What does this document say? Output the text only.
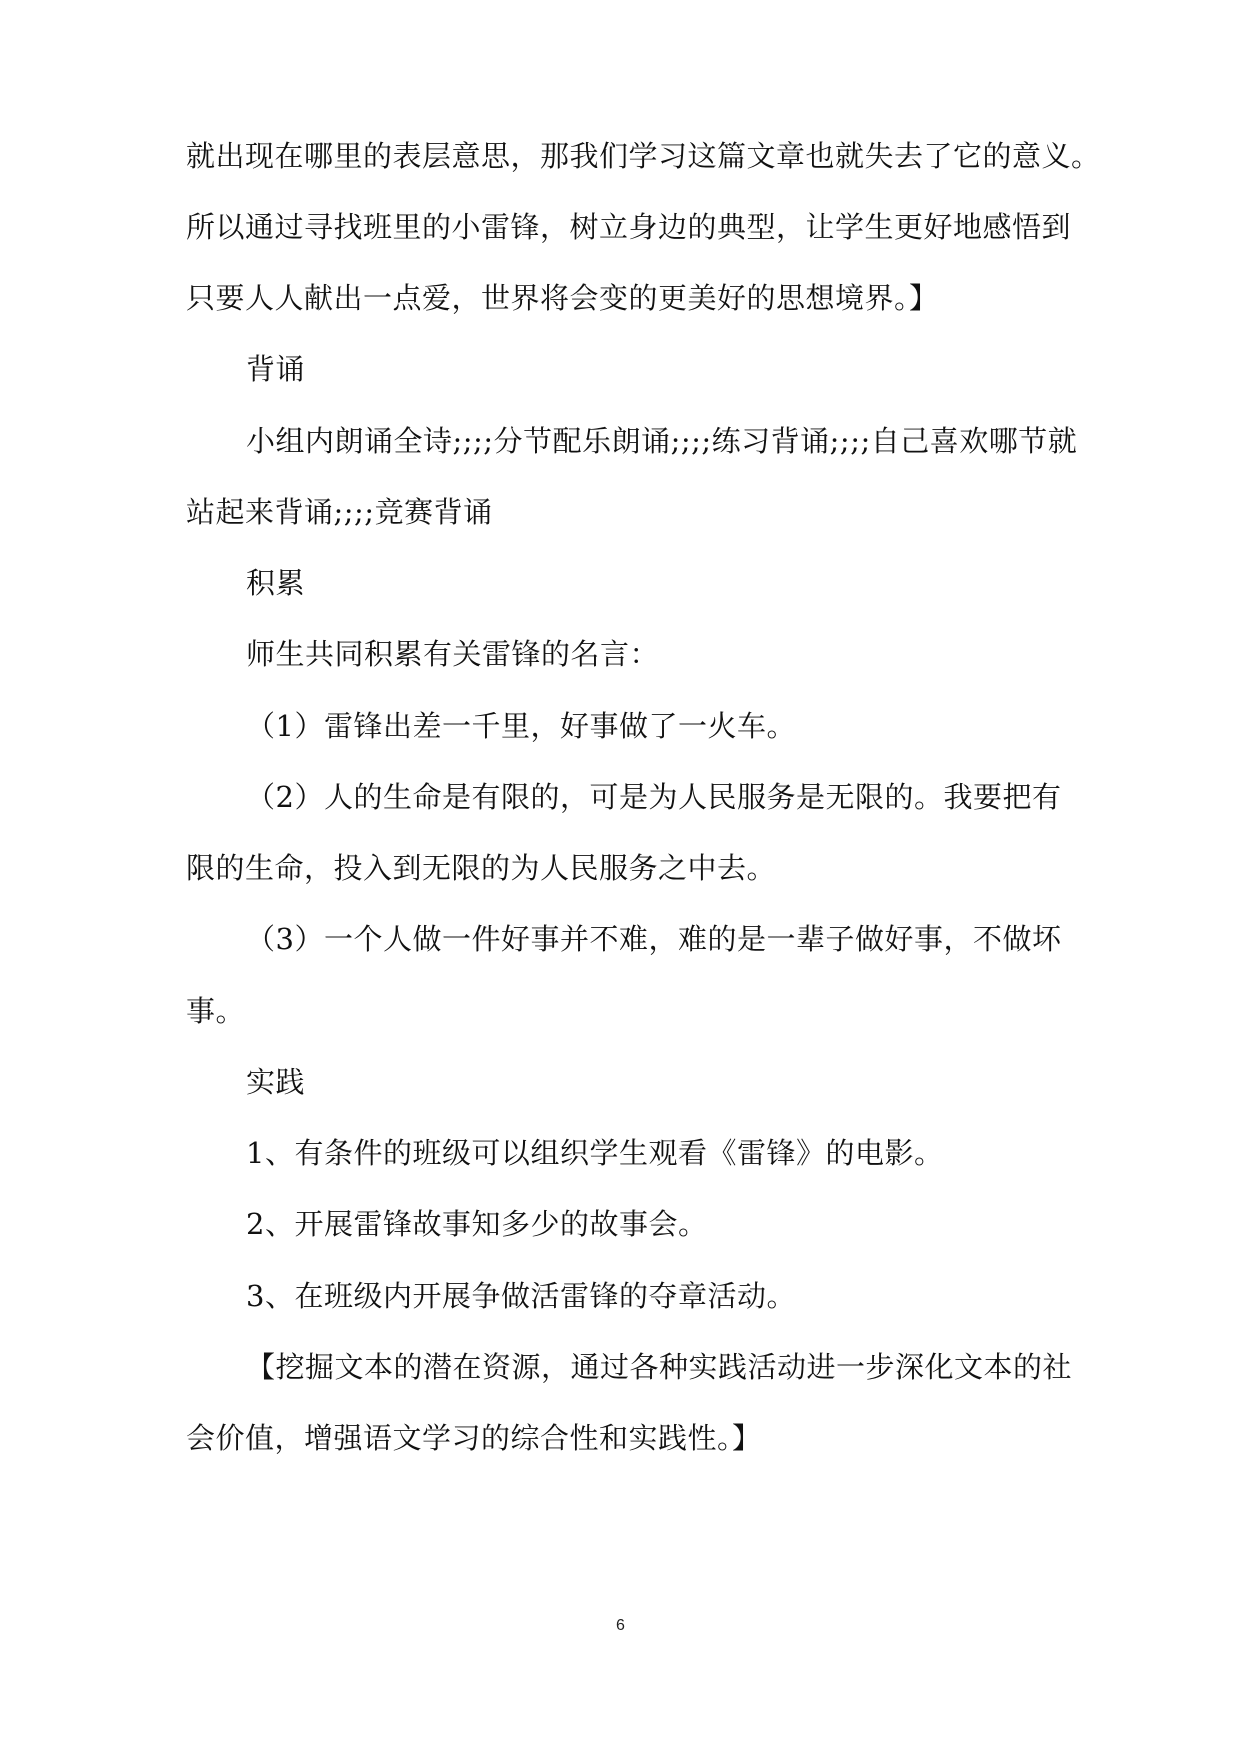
就出现在哪里的表层意思，那我们学习这篇文章也就失去了它的意义。
所以通过寻找班里的小雷锋，树立身边的典型，让学生更好地感悟到
只要人人献出一点爱，世界将会变的更美好的思想境界。】
背诵
小组内朗诵全诗;;;;分节配乐朗诵;;;;练习背诵;;;;自己喜欢哪节就
站起来背诵;;;;竞赛背诵
积累
师生共同积累有关雷锋的名言：
（1）雷锋出差一千里，好事做了一火车。
（2）人的生命是有限的，可是为人民服务是无限的。我要把有
限的生命，投入到无限的为人民服务之中去。
（3）一个人做一件好事并不难，难的是一辈子做好事，不做坏
事。
实践
1、有条件的班级可以组织学生观看《雷锋》的电影。
2、开展雷锋故事知多少的故事会。
3、在班级内开展争做活雷锋的夺章活动。
【挖掘文本的潜在资源，通过各种实践活动进一步深化文本的社
会价值，增强语文学习的综合性和实践性。】
6
